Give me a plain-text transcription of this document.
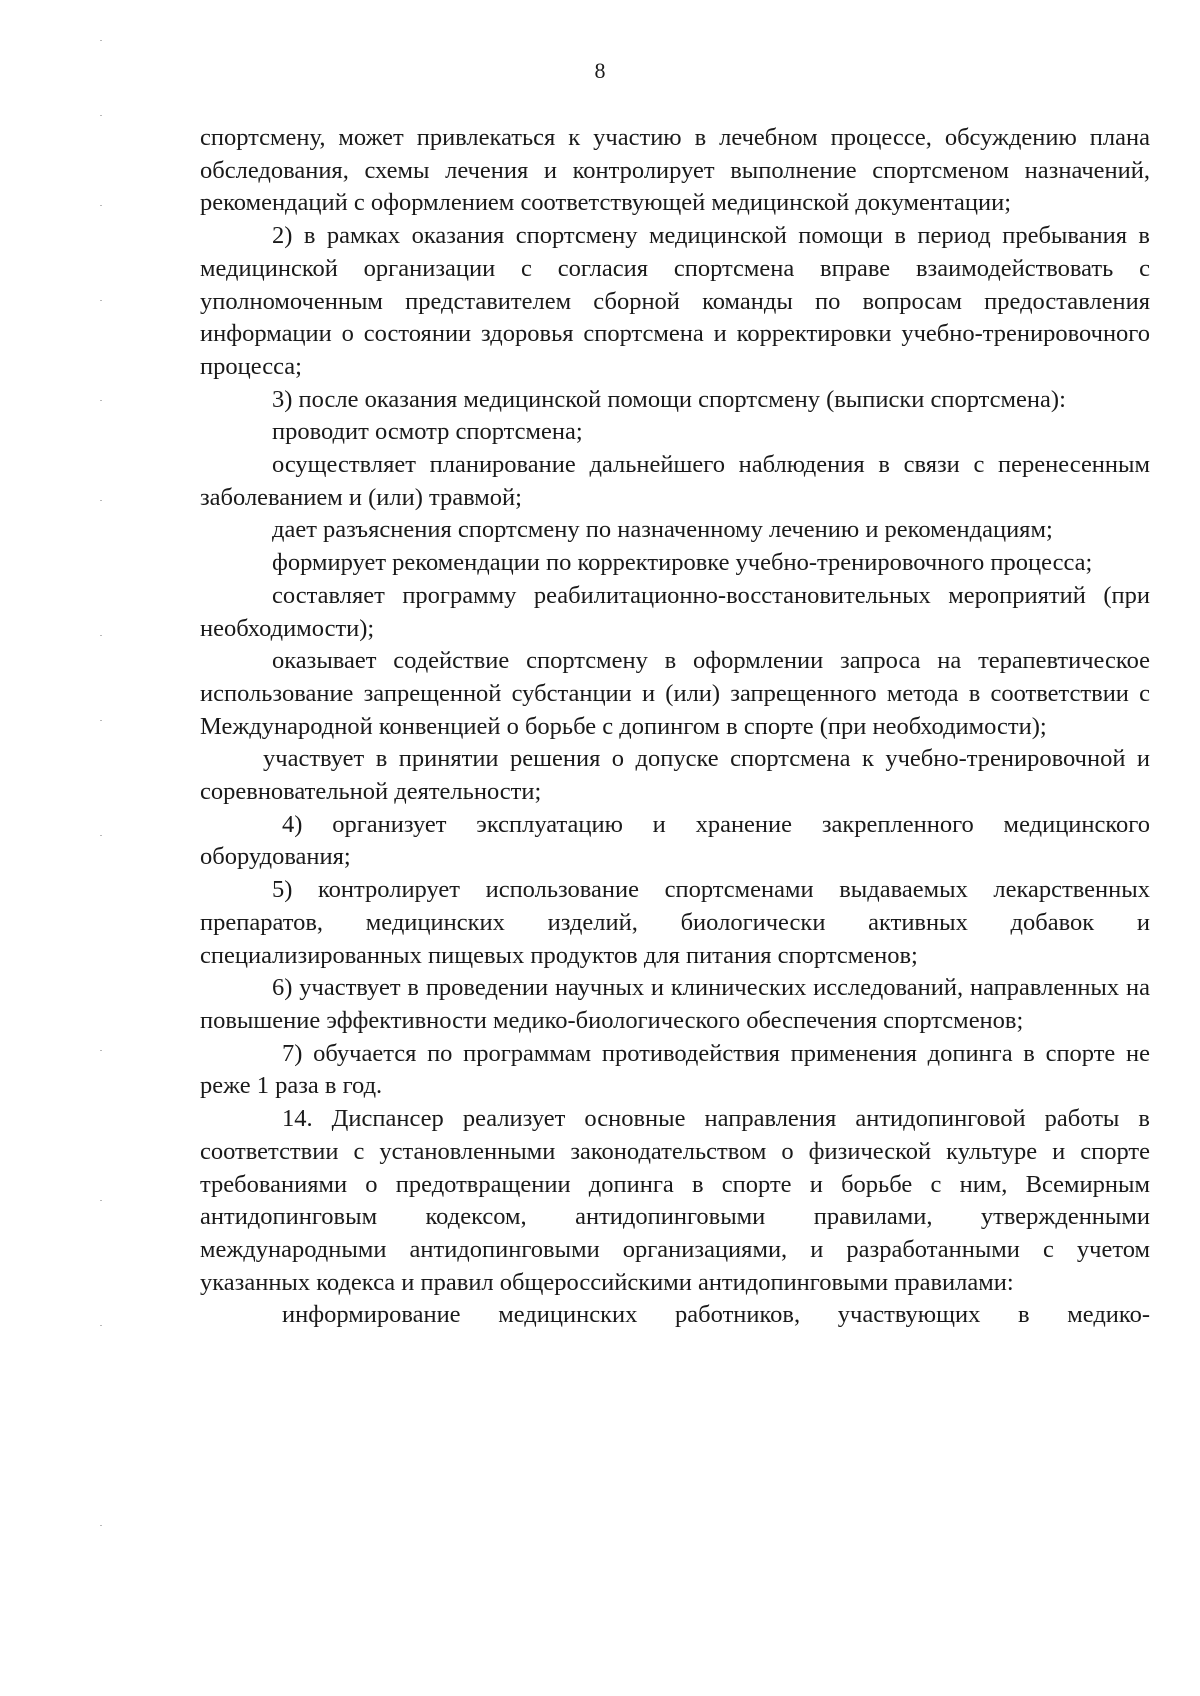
8

спортсмену, может привлекаться к участию в лечебном процессе, обсуждению плана обследования, схемы лечения и контролирует выполнение спортсменом назначений, рекомендаций с оформлением соответствующей медицинской документации;

2) в рамках оказания спортсмену медицинской помощи в период пребывания в медицинской организации с согласия спортсмена вправе взаимодействовать с уполномоченным представителем сборной команды по вопросам предоставления информации о состоянии здоровья спортсмена и корректировки учебно-тренировочного процесса;

3) после оказания медицинской помощи спортсмену (выписки спортсмена):

проводит осмотр спортсмена;

осуществляет планирование дальнейшего наблюдения в связи с перенесенным заболеванием и (или) травмой;

дает разъяснения спортсмену по назначенному лечению и рекомендациям;

формирует рекомендации по корректировке учебно-тренировочного процесса;

составляет программу реабилитационно-восстановительных мероприятий (при необходимости);

оказывает содействие спортсмену в оформлении запроса на терапевтическое использование запрещенной субстанции и (или) запрещенного метода в соответствии с Международной конвенцией о борьбе с допингом в спорте (при необходимости);

участвует в принятии решения о допуске спортсмена к учебно-тренировочной и соревновательной деятельности;

4) организует эксплуатацию и хранение закрепленного медицинского оборудования;

5) контролирует использование спортсменами выдаваемых лекарственных препаратов, медицинских изделий, биологически активных добавок и специализированных пищевых продуктов для питания спортсменов;

6) участвует в проведении научных и клинических исследований, направленных на повышение эффективности медико-биологического обеспечения спортсменов;

7) обучается по программам противодействия применения допинга в спорте не реже 1 раза в год.

14. Диспансер реализует основные направления антидопинговой работы в соответствии с установленными законодательством о физической культуре и спорте требованиями о предотвращении допинга в спорте и борьбе с ним, Всемирным антидопинговым кодексом, антидопинговыми правилами, утвержденными международными антидопинговыми организациями, и разработанными с учетом указанных кодекса и правил общероссийскими антидопинговыми правилами:

информирование медицинских работников, участвующих в медико-
